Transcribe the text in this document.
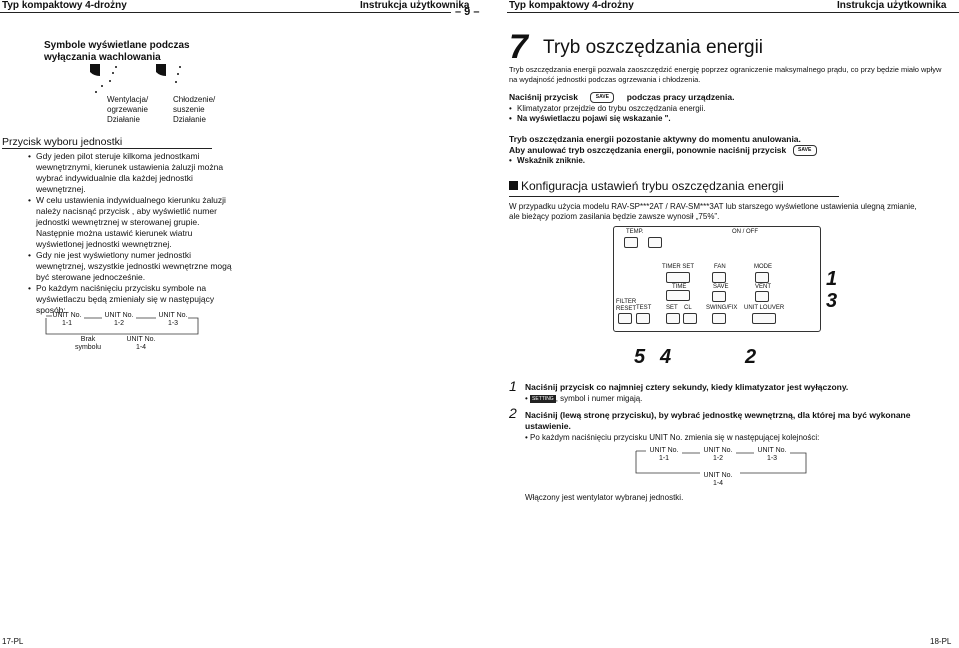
Typ kompaktowy 4-drożny	Instrukcja użytkownika
– 9 –
Typ kompaktowy 4-drożny	Instrukcja użytkownika
Symbole wyświetlane podczas wyłączania wachlowania
Wentylacja/ ogrzewanie Działanie
Chłodzenie/ suszenie Działanie
Przycisk wyboru jednostki
• Gdy jeden pilot steruje kilkoma jednostkami wewnętrznymi, kierunek ustawienia żaluzji można wybrać indywidualnie dla każdej jednostki wewnętrznej.
• W celu ustawienia indywidualnego kierunku żaluzji należy nacisnąć przycisk , aby wyświetlić numer jednostki wewnętrznej w sterowanej grupie. Następnie można ustawić kierunek wiatru wyświetlonej jednostki wewnętrznej.
• Gdy nie jest wyświetlony numer jednostki wewnętrznej, wszystkie jednostki wewnętrzne mogą być sterowane jednocześnie.
• Po każdym naciśnięciu przycisku symbole na wyświetlaczu będą zmieniały się w następujący sposób:
UNIT No. 1-1
UNIT No. 1-2
UNIT No. 1-3
Brak symbolu
UNIT No. 1-4
17-PL
7 Tryb oszczędzania energii
Tryb oszczędzania energii pozwala zaoszczędzić energię poprzez ograniczenie maksymalnego prądu, co przy będzie miało wpływ na wydajność jednostki podczas ogrzewania i chłodzenia.
Naciśnij przycisk	SAVE podczas pracy urządzenia.
• Klimatyzator przejdzie do trybu oszczędzania energii.
• Na wyświetlaczu pojawi się wskazanie ".
Tryb oszczędzania energii pozostanie aktywny do momentu anulowania.
Aby anulować tryb oszczędzania energii, ponownie naciśnij przycisk SAVE
• Wskaźnik zniknie.
Konfiguracja ustawień trybu oszczędzania energii
W przypadku użycia modelu RAV-SP***2AT / RAV-SM***3AT lub starszego wyświetlone ustawienia ulegną zmianie, ale bieżący poziom zasilania będzie zawsze wynosił „75%”.
TEMP.	ON / OFF
TIMER SET	FAN	MODE
TIME	SAVE	VENT
FILTER RESET TEST SET CL SWING/FIX UNIT LOUVER
1
3
5 4	2
1 Naciśnij przycisk co najmniej cztery sekundy, kiedy klimatyzator jest wyłączony.
• SETTING , symbol i numer migają.
2 Naciśnij (lewą stronę przycisku), by wybrać jednostkę wewnętrzną, dla której ma być wykonane ustawienie.
• Po każdym naciśnięciu przycisku UNIT No. zmienia się w następującej kolejności:
UNIT No. 1-1
UNIT No. 1-2
UNIT No. 1-3
UNIT No. 1-4
Włączony jest wentylator wybranej jednostki.
18-PL
